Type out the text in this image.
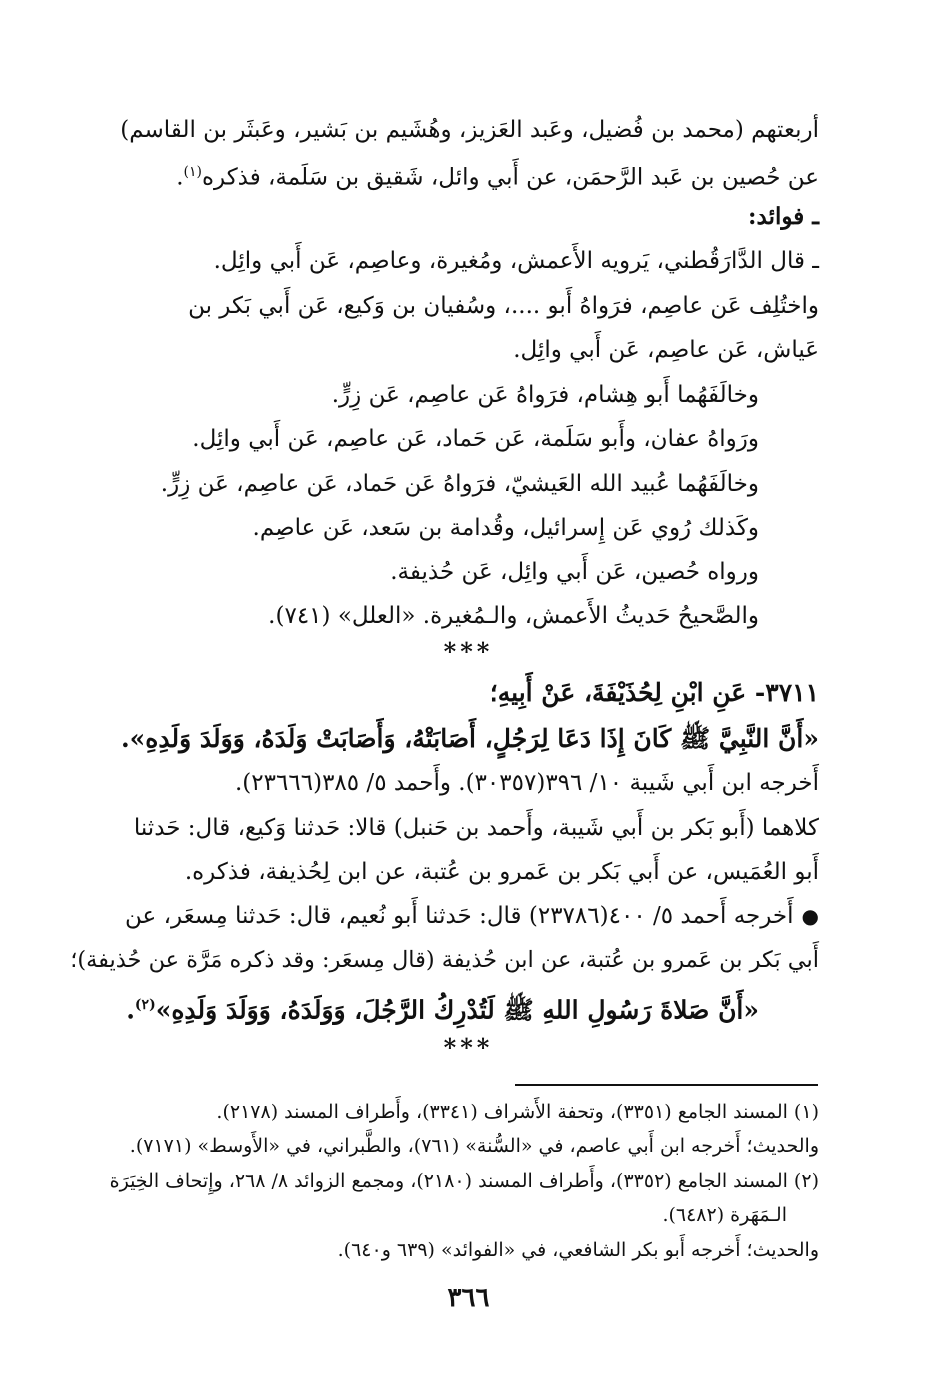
أربعتهم (محمد بن فُضيل، وعَبد العَزيز، وهُشَيم بن بَشير، وعَبثَر بن القاسم)
عن حُصين بن عَبد الرَّحمَن، عن أَبي وائل، شَقيق بن سَلَمة، فذكره$^{(١)}$.
ـ فوائد:
ـ قال الدَّارَقُطني، يَرويه الأَعمش، ومُغيرة، وعاصِم، عَن أَبي وائِل.
واختُلِف عَن عاصِم، فرَواهُ أَبو ....، وسُفيان بن وَكيع، عَن أَبي بَكر بن
عَياش، عَن عاصِم، عَن أَبي وائِل.
وخالَفَهُما أَبو هِشام، فرَواهُ عَن عاصِم، عَن زِرٍّ.
ورَواهُ عفان، وأَبو سَلَمة، عَن حَماد، عَن عاصِم، عَن أَبي وائِل.
وخالَفَهُما عُبيد الله العَيشيّ، فرَواهُ عَن حَماد، عَن عاصِم، عَن زِرٍّ.
وكَذلك رُوي عَن إِسرائيل، وقُدامة بن سَعد، عَن عاصِم.
ورواه حُصين، عَن أَبي وائِل، عَن حُذيفة.
والصَّحيحُ حَديثُ الأَعمش، والـمُغيرة. «العلل» (٧٤١).
***
٣٧١١- عَنِ ابْنِ لِحُذَيْفَةَ، عَنْ أَبِيهِ؛
«أَنَّ النَّبِيَّ ﷺ كَانَ إِذَا دَعَا لِرَجُلٍ، أَصَابَتْهُ، وَأَصَابَتْ وَلَدَهُ، وَوَلَدَ وَلَدِهِ».
أَخرجه ابن أَبي شَيبة ١٠/ ٣٩٦(٣٠٣٥٧). وأَحمد ٥/ ٣٨٥(٢٣٦٦٦).
كلاهما (أَبو بَكر بن أَبي شَيبة، وأَحمد بن حَنبل) قالا: حَدثنا وَكيع، قال: حَدثنا
أَبو العُمَيس، عن أَبي بَكر بن عَمرو بن عُتبة، عن ابن لِحُذيفة، فذكره.
●أَخرجه أَحمد ٥/ ٤٠٠(٢٣٧٨٦) قال: حَدثنا أَبو نُعيم، قال: حَدثنا مِسعَر، عن
أَبي بَكر بن عَمرو بن عُتبة، عن ابن حُذيفة (قال مِسعَر: وقد ذكره مَرَّة عن حُذيفة)؛
«أَنَّ صَلاةَ رَسُولِ اللهِ ﷺ لَتُدْرِكُ الرَّجُلَ، وَوَلَدَهُ، وَوَلَدَ وَلَدِهِ»$^{(٢)}$.
***
(١) المسند الجامع (٣٣٥١)، وتحفة الأَشراف (٣٣٤١)، وأَطراف المسند (٢١٧٨).
والحديث؛ أَخرجه ابن أَبي عاصم، في «السُّنة» (٧٦١)، والطَّبراني، في «الأَوسط» (٧١٧١).
(٢) المسند الجامع (٣٣٥٢)، وأَطراف المسند (٢١٨٠)، ومجمع الزوائد ٨/ ٢٦٨، وإِتحاف الخِيَرَة
الـمَهَرة (٦٤٨٢).
والحديث؛ أَخرجه أَبو بكر الشافعي، في «الفوائد» (٦٣٩ و٦٤٠).
٣٦٦
